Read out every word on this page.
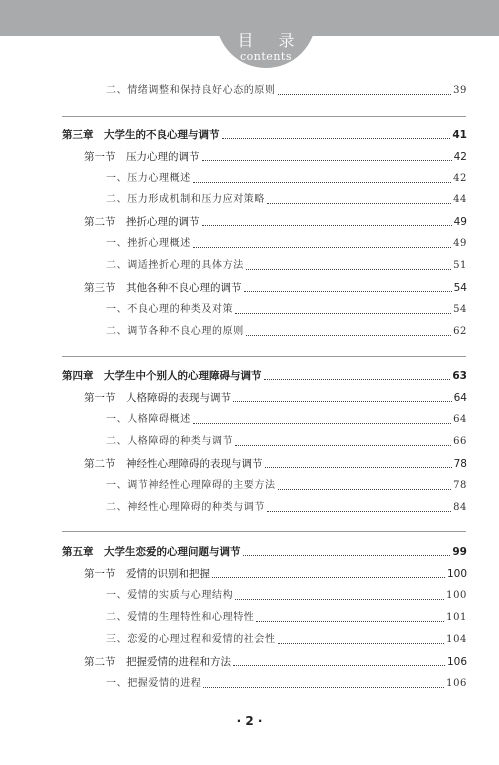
目 录
contents
二、情绪调整和保持良好心态的原则	39
第三章　大学生的不良心理与调节	41
第一节　压力心理的调节	42
一、压力心理概述	42
二、压力形成机制和压力应对策略	44
第二节　挫折心理的调节	49
一、挫折心理概述	49
二、调适挫折心理的具体方法	51
第三节　其他各种不良心理的调节	54
一、不良心理的种类及对策	54
二、调节各种不良心理的原则	62
第四章　大学生中个别人的心理障碍与调节	63
第一节　人格障碍的表现与调节	64
一、人格障碍概述	64
二、人格障碍的种类与调节	66
第二节　神经性心理障碍的表现与调节	78
一、调节神经性心理障碍的主要方法	78
二、神经性心理障碍的种类与调节	84
第五章　大学生恋爱的心理问题与调节	99
第一节　爱情的识别和把握	100
一、爱情的实质与心理结构	100
二、爱情的生理特性和心理特性	101
三、恋爱的心理过程和爱情的社会性	104
第二节　把握爱情的进程和方法	106
一、把握爱情的进程	106
· 2 ·
